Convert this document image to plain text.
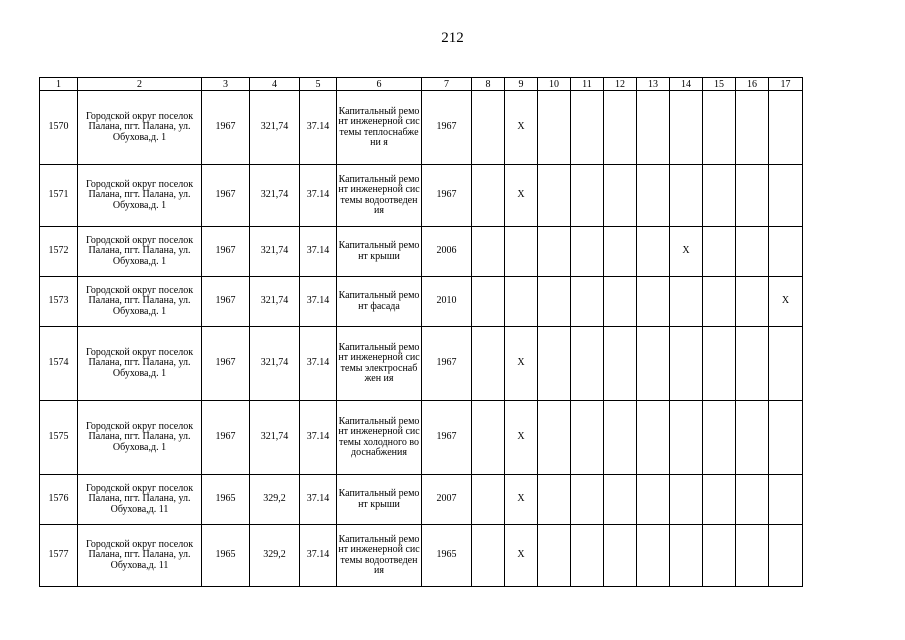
212
1	2	3	4	5	6	7	8	9	10	11	12	13	14	15	16	17
1570	Городской округ поселок Палана, пгт. Палана, ул. Обухова,д. 1	1967	321,74	37.14	Капитальный ремонт инженерной системы теплоснабжени я	1967		X								
1571	Городской округ поселок Палана, пгт. Палана, ул. Обухова,д. 1	1967	321,74	37.14	Капитальный ремонт инженерной системы водоотведения	1967		X								
1572	Городской округ поселок Палана, пгт. Палана, ул. Обухова,д. 1	1967	321,74	37.14	Капитальный ремонт крыши	2006							X			
1573	Городской округ поселок Палана, пгт. Палана, ул. Обухова,д. 1	1967	321,74	37.14	Капитальный ремонт фасада	2010										X
1574	Городской округ поселок Палана, пгт. Палана, ул. Обухова,д. 1	1967	321,74	37.14	Капитальный ремонт инженерной системы электроснабжен ия	1967		X								
1575	Городской округ поселок Палана, пгт. Палана, ул. Обухова,д. 1	1967	321,74	37.14	Капитальный ремонт инженерной системы холодного водоснабжения	1967		X								
1576	Городской округ поселок Палана, пгт. Палана, ул. Обухова,д. 11	1965	329,2	37.14	Капитальный ремонт крыши	2007		X								
1577	Городской округ поселок Палана, пгт. Палана, ул. Обухова,д. 11	1965	329,2	37.14	Капитальный ремонт инженерной системы водоотведения	1965		X								
